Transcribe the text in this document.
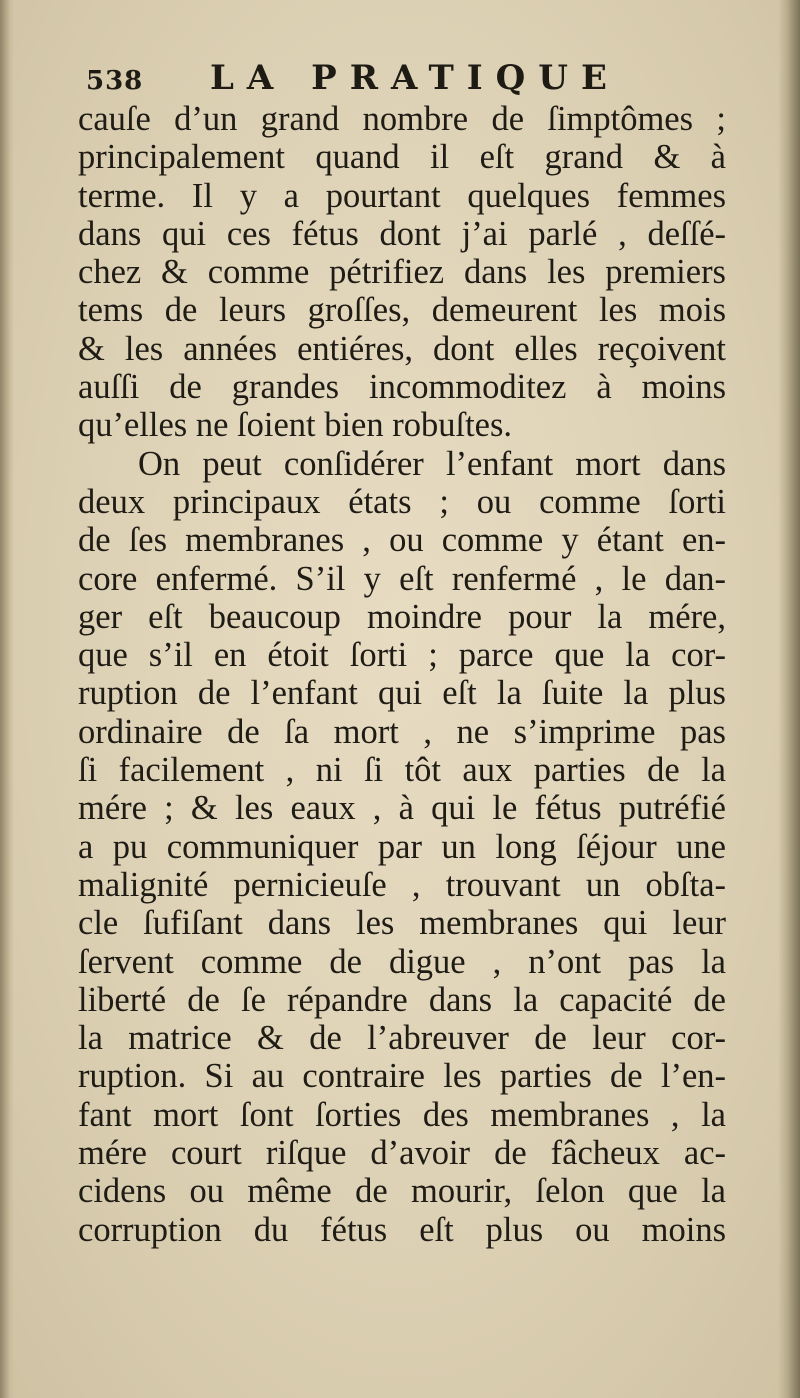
538 LA PRATIQUE
cauſe d’un grand nombre de ſimptômes ;
principalement quand il eſt grand & à
terme. Il y a pourtant quelques femmes
dans qui ces fétus dont j’ai parlé , deſſé-
chez & comme pétrifiez dans les premiers
tems de leurs groſſes, demeurent les mois
& les années entiéres, dont elles reçoivent
auſſi de grandes incommoditez à moins
qu’elles ne ſoient bien robuſtes.
On peut conſidérer l’enfant mort dans
deux principaux états ; ou comme ſorti
de ſes membranes , ou comme y étant en-
core enfermé. S’il y eſt renfermé , le dan-
ger eſt beaucoup moindre pour la mére,
que s’il en étoit ſorti ; parce que la cor-
ruption de l’enfant qui eſt la ſuite la plus
ordinaire de ſa mort , ne s’imprime pas
ſi facilement , ni ſi tôt aux parties de la
mére ; & les eaux , à qui le fétus putréfié
a pu communiquer par un long ſéjour une
malignité pernicieuſe , trouvant un obſta-
cle ſufiſant dans les membranes qui leur
ſervent comme de digue , n’ont pas la
liberté de ſe répandre dans la capacité de
la matrice & de l’abreuver de leur cor-
ruption. Si au contraire les parties de l’en-
fant mort ſont ſorties des membranes , la
mére court riſque d’avoir de fâcheux ac-
cidens ou même de mourir, ſelon que la
corruption du fétus eſt plus ou moins
